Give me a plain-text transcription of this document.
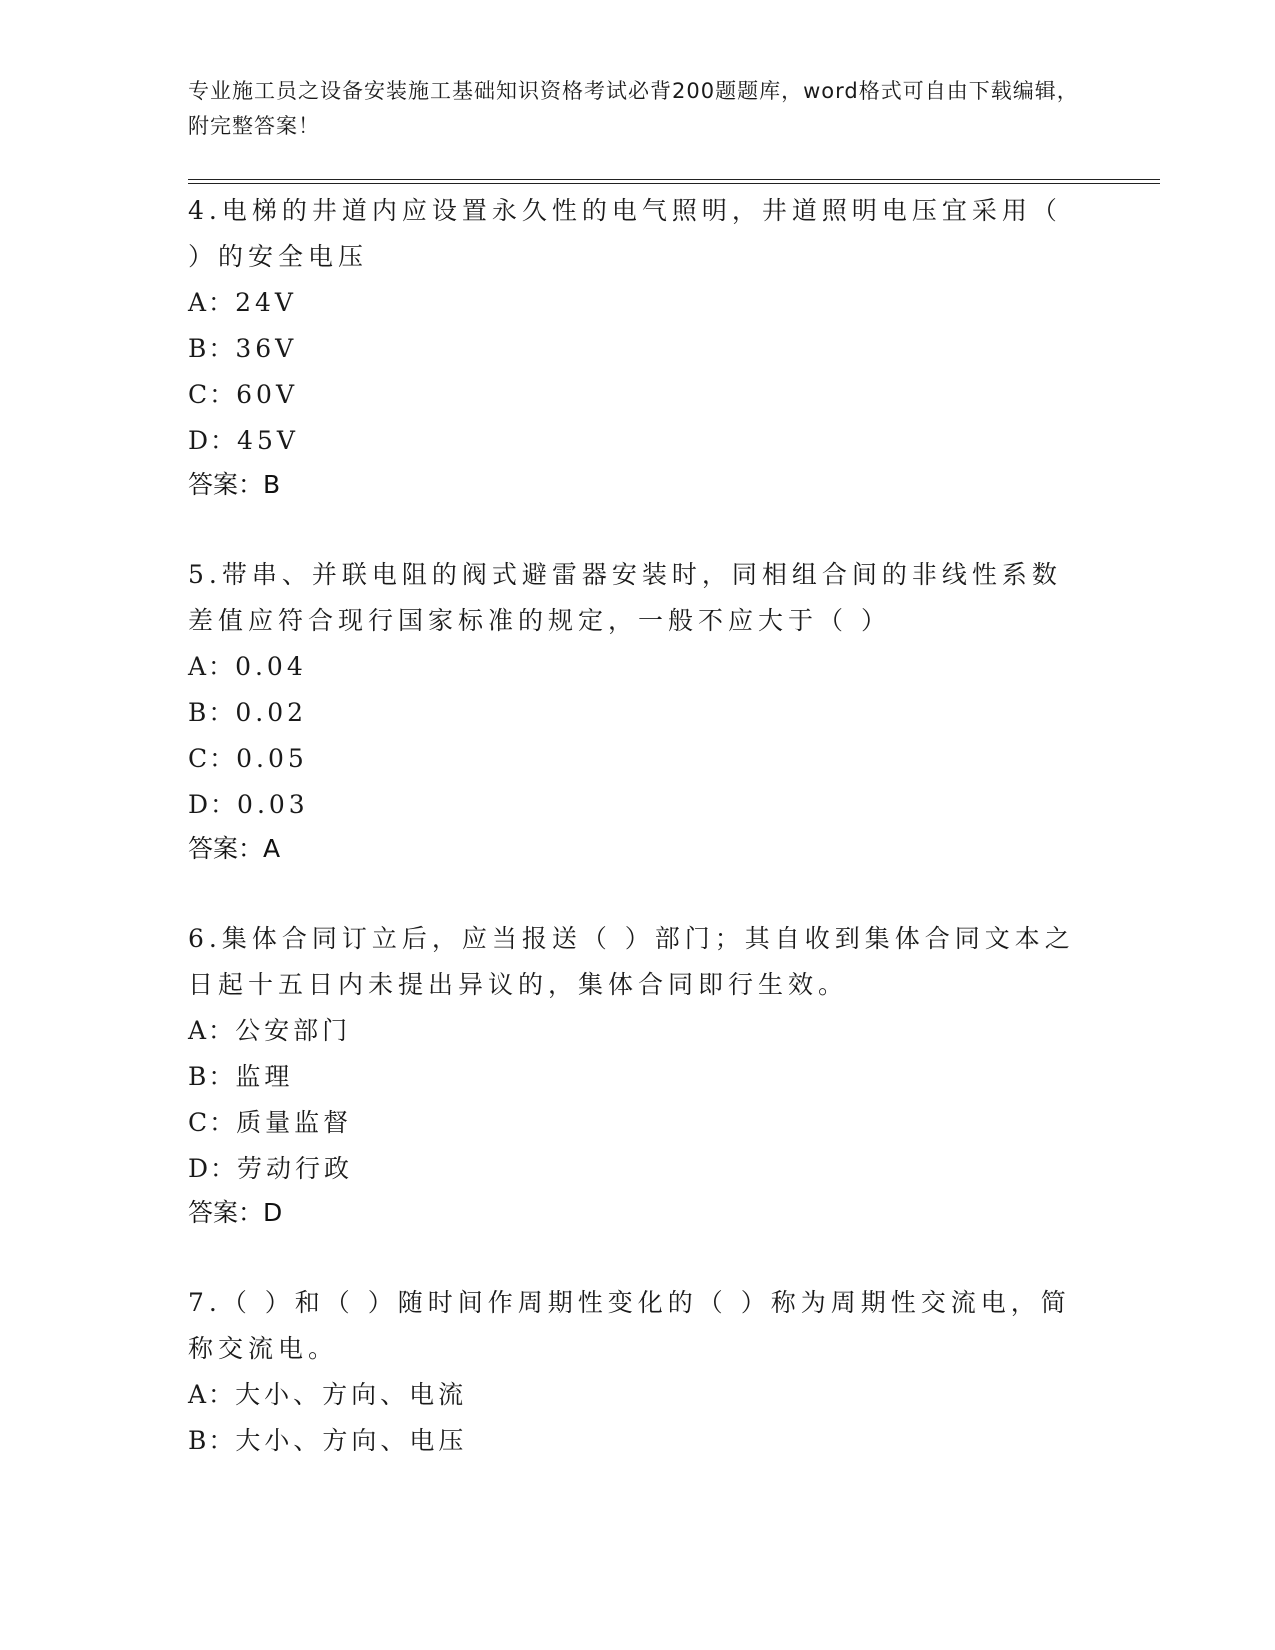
专业施工员之设备安装施工基础知识资格考试必背200题题库，word格式可自由下载编辑，附完整答案！
4.电梯的井道内应设置永久性的电气照明，井道照明电压宜采用（ ）的安全电压
A：24V
B：36V
C：60V
D：45V
答案：B
5.带串、并联电阻的阀式避雷器安装时，同相组合间的非线性系数差值应符合现行国家标准的规定，一般不应大于（ ）
A：0.04
B：0.02
C：0.05
D：0.03
答案：A
6.集体合同订立后，应当报送（ ）部门；其自收到集体合同文本之日起十五日内未提出异议的，集体合同即行生效。
A：公安部门
B：监理
C：质量监督
D：劳动行政
答案：D
7.（ ）和（ ）随时间作周期性变化的（ ）称为周期性交流电，简称交流电。
A：大小、方向、电流
B：大小、方向、电压
